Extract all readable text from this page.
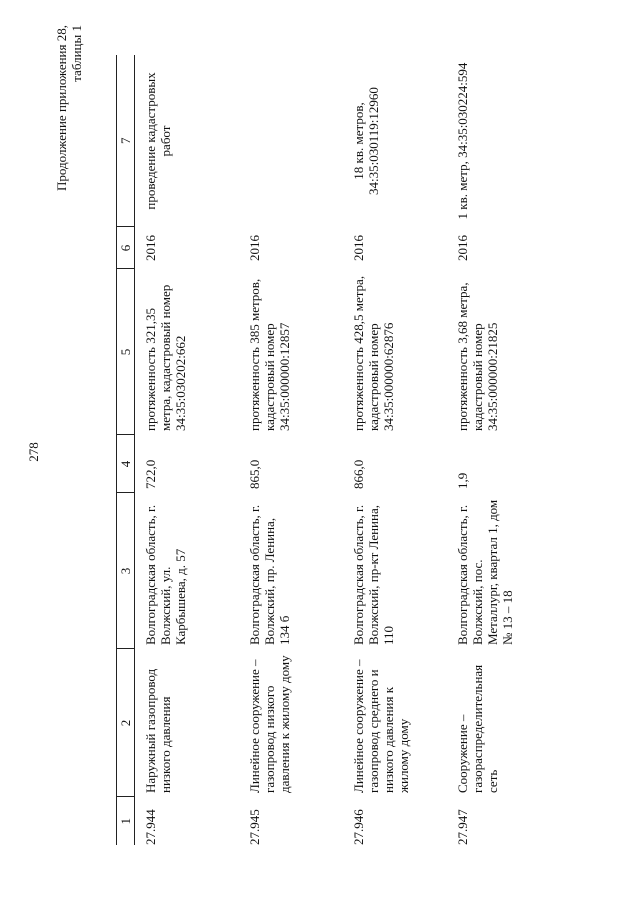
278
Продолжение приложения 28, таблицы 1
1	2	3	4	5	6	7
27.944	Наружный газопровод низкого давления	Волгоградская область, г. Волжский, ул. Карбышева, д. 57	722,0	протяженность 321,35 метра, кадастровый номер 34:35:030202:662	2016	проведение кадастровых работ
27.945	Линейное сооружение – газопровод низкого давления к жилому дому	Волгоградская область, г. Волжский, пр. Ленина, 134 б	865,0	протяженность 385 метров, кадастровый номер 34:35:000000:12857	2016	
27.946	Линейное сооружение – газопровод среднего и низкого давления к жилому дому	Волгоградская область, г. Волжский, пр-кт Ленина, 110	866,0	протяженность 428,5 метра, кадастровый номер 34:35:000000:62876	2016	18 кв. метров, 34:35:030119:12960
27.947	Сооружение – газораспределительная сеть	Волгоградская область, г. Волжский, пос. Металлург, квартал 1, дом № 13 – 18	1,9	протяженность 3,68 метра, кадастровый номер 34:35:000000:21825	2016	1 кв. метр, 34:35:030224:594
